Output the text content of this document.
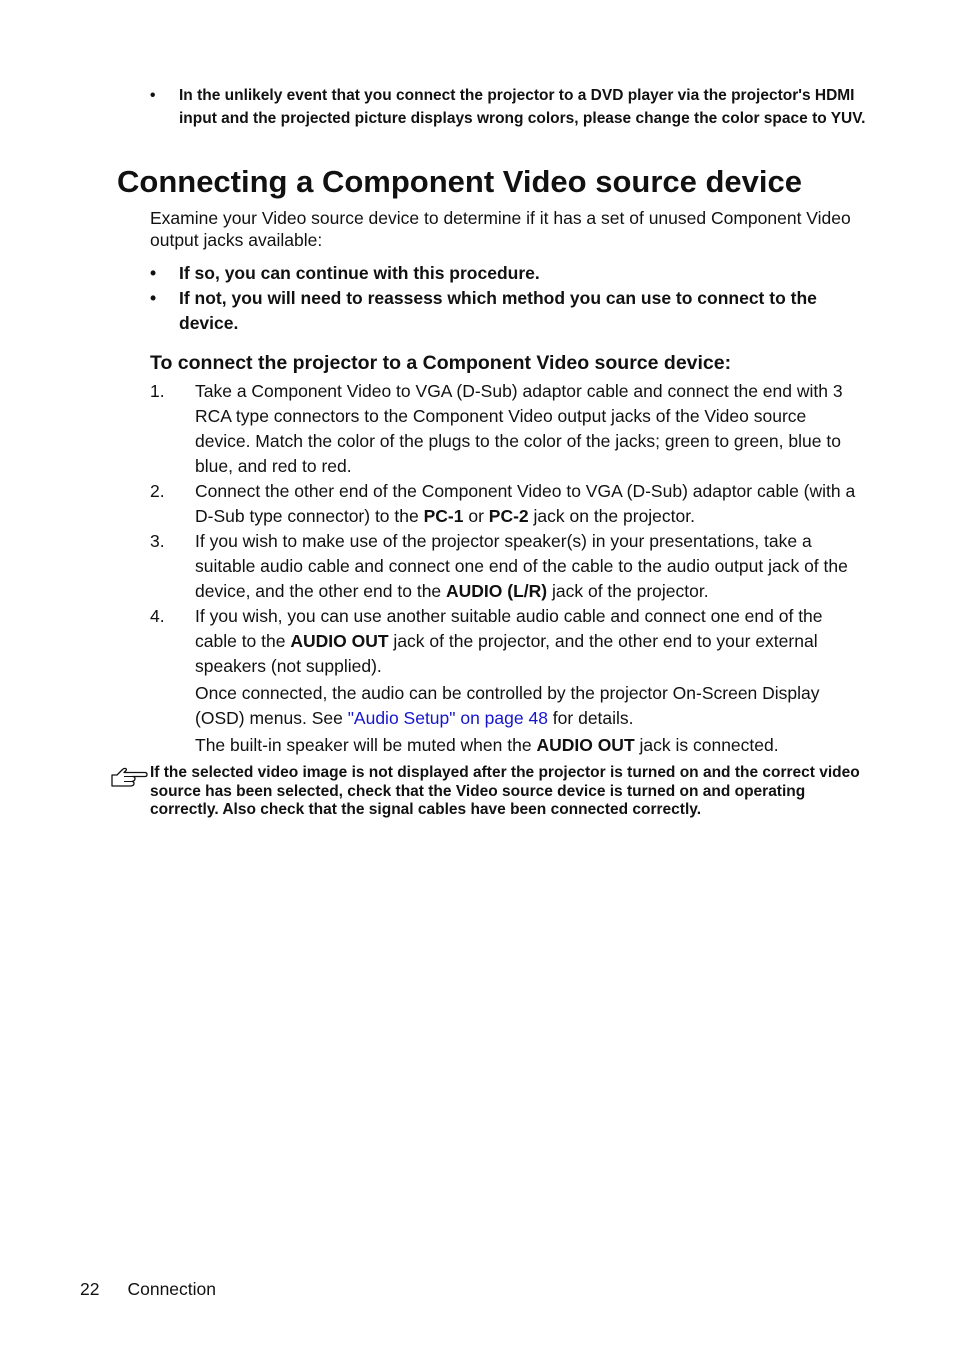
• In the unlikely event that you connect the projector to a DVD player via the projector's HDMI input and the projected picture displays wrong colors, please change the color space to YUV.
Connecting a Component Video source device
Examine your Video source device to determine if it has a set of unused Component Video output jacks available:
• If so, you can continue with this procedure.
• If not, you will need to reassess which method you can use to connect to the device.
To connect the projector to a Component Video source device:
1. Take a Component Video to VGA (D-Sub) adaptor cable and connect the end with 3 RCA type connectors to the Component Video output jacks of the Video source device. Match the color of the plugs to the color of the jacks; green to green, blue to blue, and red to red.
2. Connect the other end of the Component Video to VGA (D-Sub) adaptor cable (with a D-Sub type connector) to the PC-1 or PC-2 jack on the projector.
3. If you wish to make use of the projector speaker(s) in your presentations, take a suitable audio cable and connect one end of the cable to the audio output jack of the device, and the other end to the AUDIO (L/R) jack of the projector.
4. If you wish, you can use another suitable audio cable and connect one end of the cable to the AUDIO OUT jack of the projector, and the other end to your external speakers (not supplied).
Once connected, the audio can be controlled by the projector On-Screen Display (OSD) menus. See "Audio Setup" on page 48 for details.
The built-in speaker will be muted when the AUDIO OUT jack is connected.
If the selected video image is not displayed after the projector is turned on and the correct video source has been selected, check that the Video source device is turned on and operating correctly. Also check that the signal cables have been connected correctly.
22 Connection
